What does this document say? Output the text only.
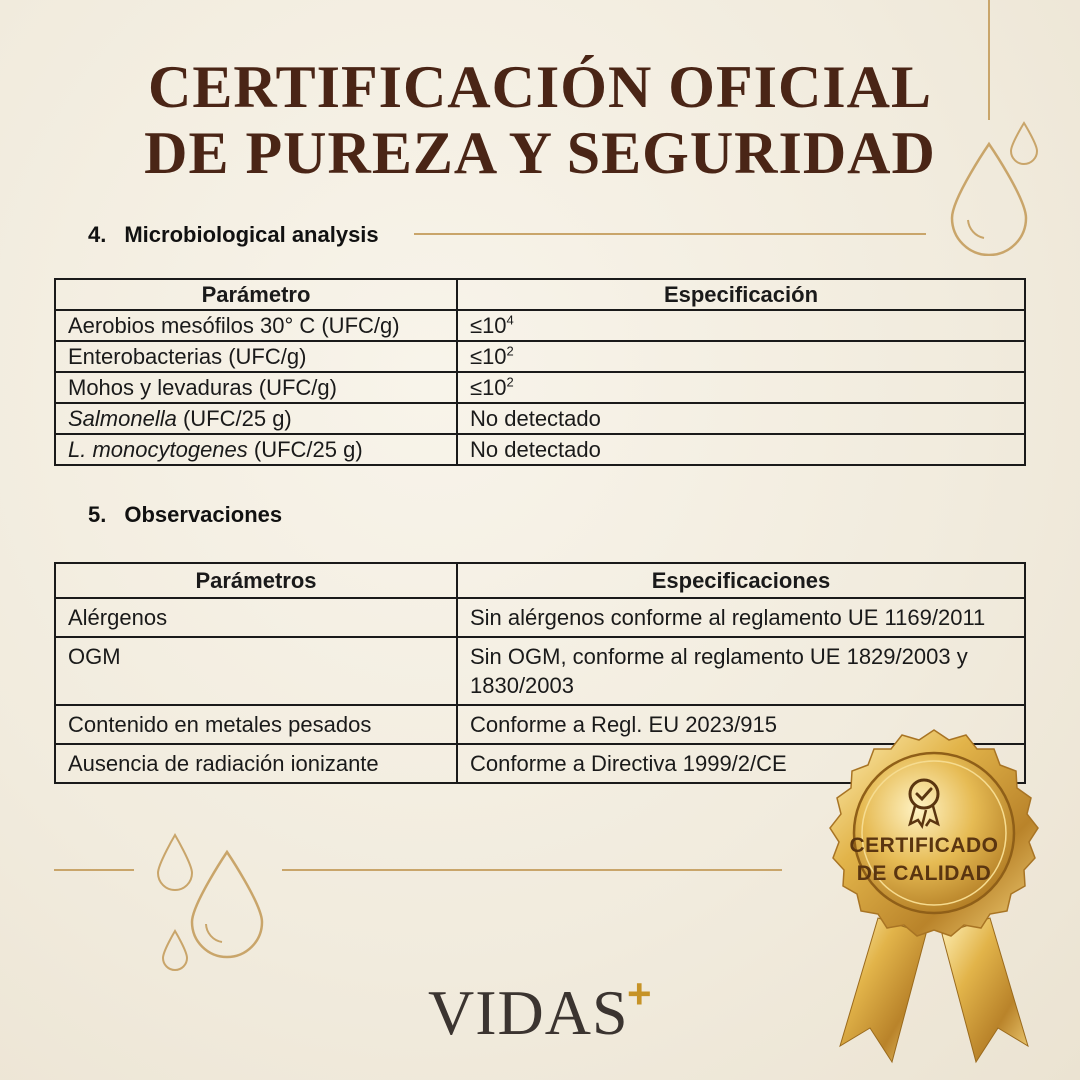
CERTIFICACIÓN OFICIAL
DE PUREZA Y SEGURIDAD
4. Microbiological analysis
Parámetro	Especificación
Aerobios mesófilos 30° C (UFC/g)	$\le 10^4$
Enterobacterias (UFC/g)	$\le 10^2$
Mohos y levaduras (UFC/g)	$\le 10^2$
Salmonella (UFC/25 g)	No detectado
L. monocytogenes (UFC/25 g)	No detectado
5. Observaciones
Parámetros	Especificaciones
Alérgenos	Sin alérgenos conforme al reglamento UE 1169/2011
OGM	Sin OGM, conforme al reglamento UE 1829/2003 y 1830/2003
Contenido en metales pesados	Conforme a Regl. EU 2023/915
Ausencia de radiación ionizante	Conforme a Directiva 1999/2/CE
CERTIFICADO
DE CALIDAD
VIDAS
+
